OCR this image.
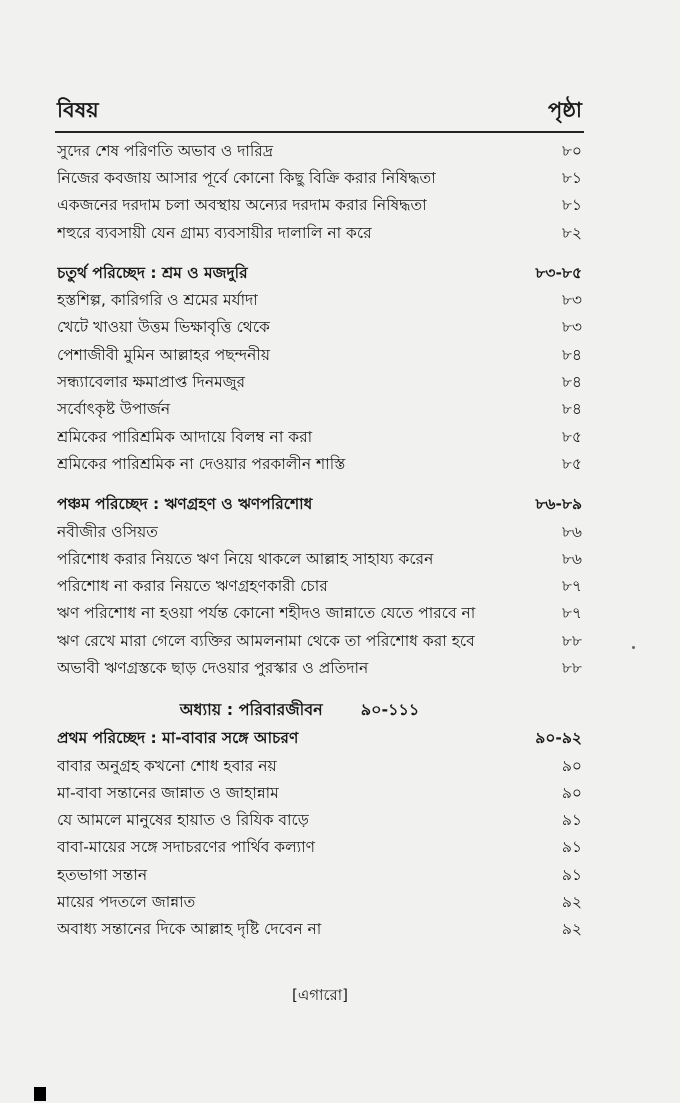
বিষয়	পৃষ্ঠা
সুদের শেষ পরিণতি অভাব ও দারিদ্র	৮০
নিজের কবজায় আসার পূর্বে কোনো কিছু বিক্রি করার নিষিদ্ধতা	৮১
একজনের দরদাম চলা অবস্থায় অন্যের দরদাম করার নিষিদ্ধতা	৮১
শহুরে ব্যবসায়ী যেন গ্রাম্য ব্যবসায়ীর দালালি না করে	৮২
চতুর্থ পরিচ্ছেদ : শ্রম ও মজদুরি	৮৩-৮৫
হস্তশিল্প, কারিগরি ও শ্রমের মর্যাদা	৮৩
খেটে খাওয়া উত্তম ভিক্ষাবৃত্তি থেকে	৮৩
পেশাজীবী মুমিন আল্লাহর পছন্দনীয়	৮৪
সন্ধ্যাবেলার ক্ষমাপ্রাপ্ত দিনমজুর	৮৪
সর্বোৎকৃষ্ট উপার্জন	৮৪
শ্রমিকের পারিশ্রমিক আদায়ে বিলম্ব না করা	৮৫
শ্রমিকের পারিশ্রমিক না দেওয়ার পরকালীন শাস্তি	৮৫
পঞ্চম পরিচ্ছেদ : ঋণগ্রহণ ও ঋণপরিশোধ	৮৬-৮৯
নবীজীর ওসিয়ত	৮৬
পরিশোধ করার নিয়তে ঋণ নিয়ে থাকলে আল্লাহ সাহায্য করেন	৮৬
পরিশোধ না করার নিয়তে ঋণগ্রহণকারী চোর	৮৭
ঋণ পরিশোধ না হওয়া পর্যন্ত কোনো শহীদও জান্নাতে যেতে পারবে না	৮৭
ঋণ রেখে মারা গেলে ব্যক্তির আমলনামা থেকে তা পরিশোধ করা হবে	৮৮
অভাবী ঋণগ্রস্তকে ছাড় দেওয়ার পুরস্কার ও প্রতিদান	৮৮
অধ্যায় : পরিবারজীবন ৯০-১১১
প্রথম পরিচ্ছেদ : মা-বাবার সঙ্গে আচরণ	৯০-৯২
বাবার অনুগ্রহ কখনো শোধ হবার নয়	৯০
মা-বাবা সন্তানের জান্নাত ও জাহান্নাম	৯০
যে আমলে মানুষের হায়াত ও রিযিক বাড়ে	৯১
বাবা-মায়ের সঙ্গে সদাচরণের পার্থিব কল্যাণ	৯১
হতভাগা সন্তান	৯১
মায়ের পদতলে জান্নাত	৯২
অবাধ্য সন্তানের দিকে আল্লাহ দৃষ্টি দেবেন না	৯২
[এগারো]
